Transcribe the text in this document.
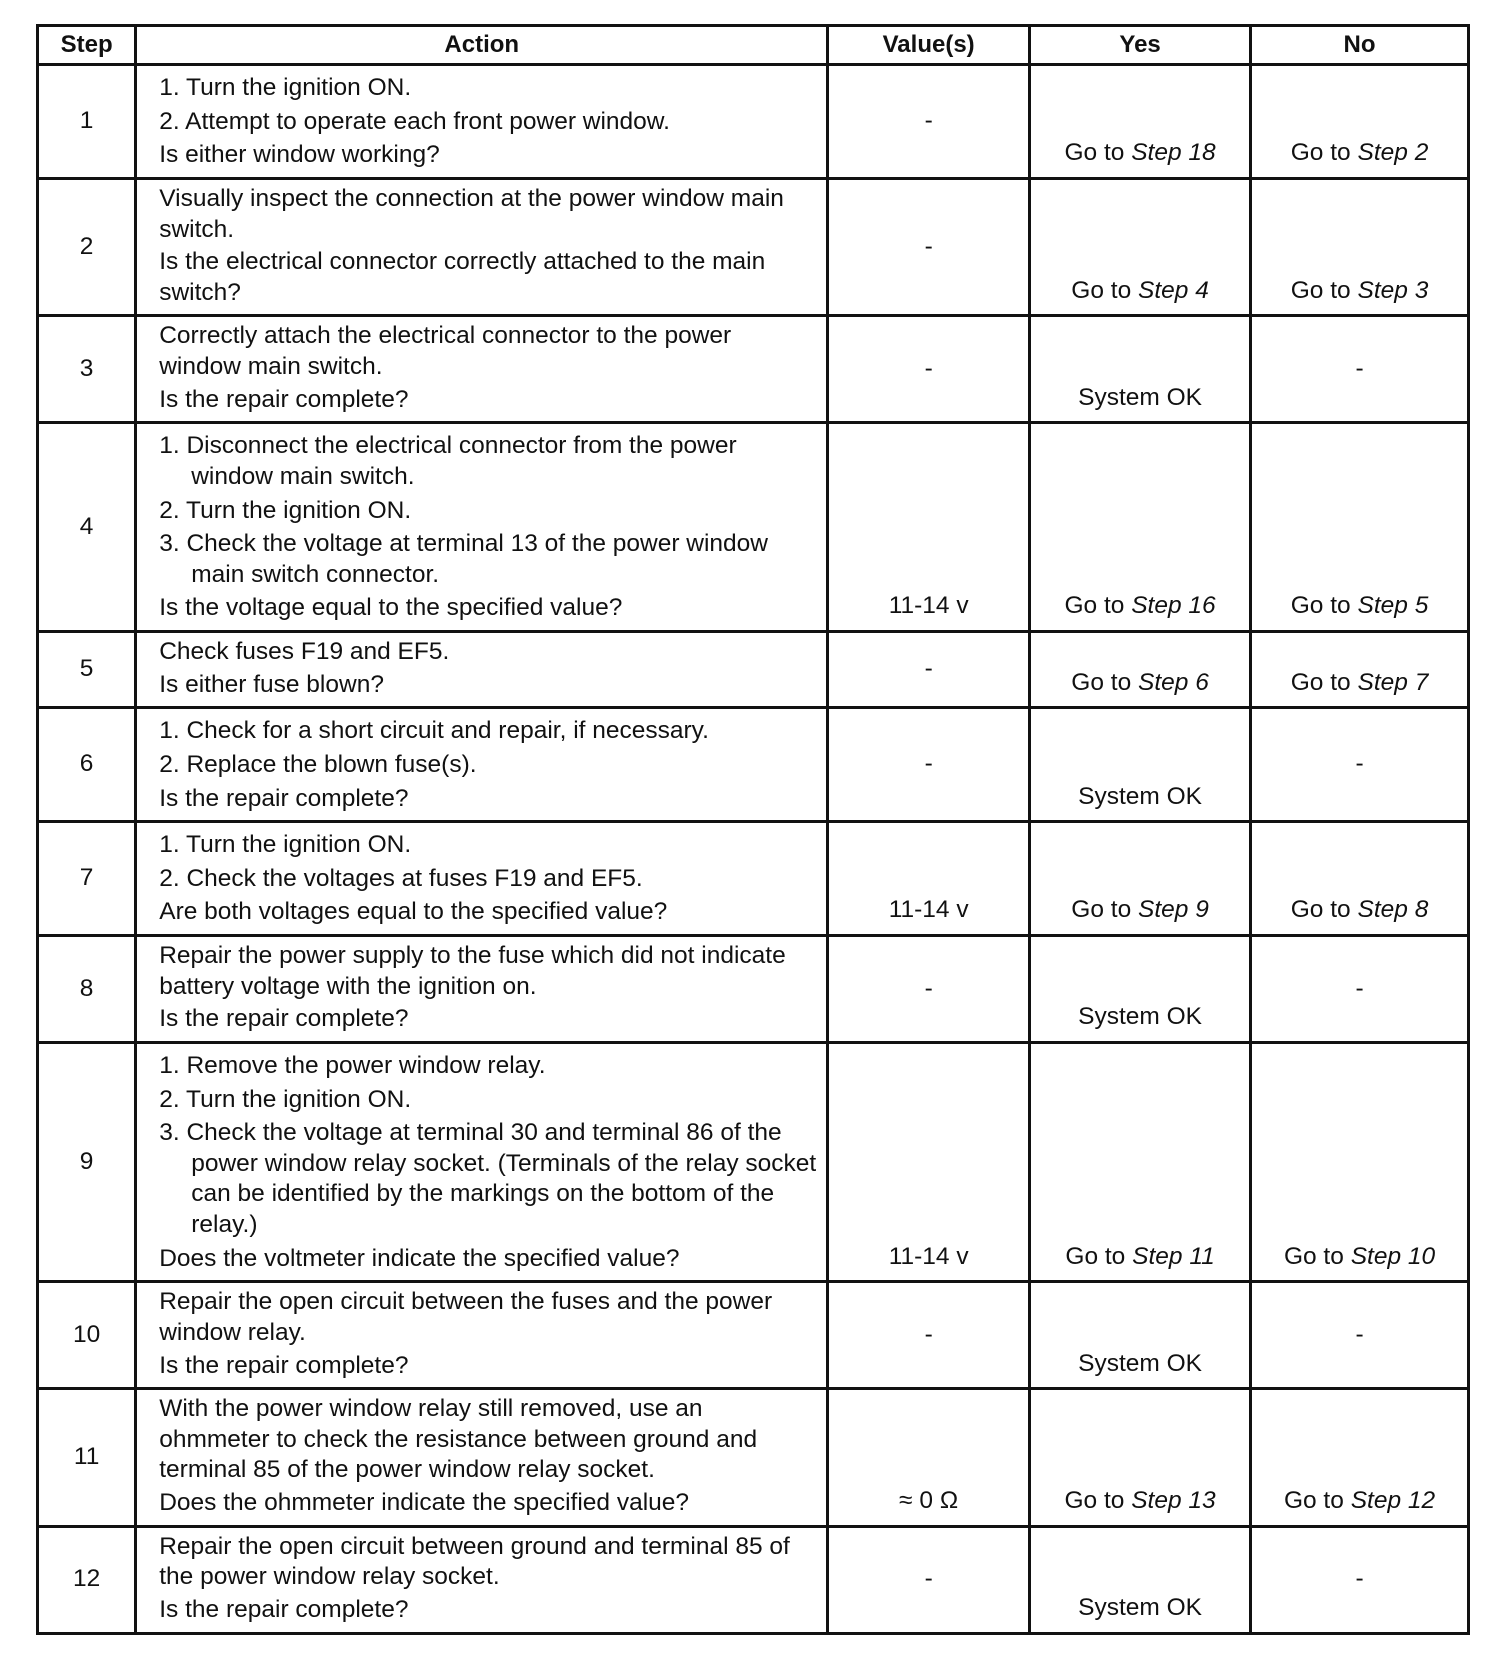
Step	Action	Value(s)	Yes	No
1	1. Turn the ignition ON.
2. Attempt to operate each front power window.
Is either window working?	-	Go to Step 18	Go to Step 2
2	Visually inspect the connection at the power window main switch.
Is the electrical connector correctly attached to the main switch?	-	Go to Step 4	Go to Step 3
3	Correctly attach the electrical connector to the power window main switch.
Is the repair complete?	-	System OK	-
4	1. Disconnect the electrical connector from the power window main switch.
2. Turn the ignition ON.
3. Check the voltage at terminal 13 of the power window main switch connector.
Is the voltage equal to the specified value?	11-14 v	Go to Step 16	Go to Step 5
5	Check fuses F19 and EF5.
Is either fuse blown?	-	Go to Step 6	Go to Step 7
6	1. Check for a short circuit and repair, if necessary.
2. Replace the blown fuse(s).
Is the repair complete?	-	System OK	-
7	1. Turn the ignition ON.
2. Check the voltages at fuses F19 and EF5.
Are both voltages equal to the specified value?	11-14 v	Go to Step 9	Go to Step 8
8	Repair the power supply to the fuse which did not indicate battery voltage with the ignition on.
Is the repair complete?	-	System OK	-
9	1. Remove the power window relay.
2. Turn the ignition ON.
3. Check the voltage at terminal 30 and terminal 86 of the power window relay socket. (Terminals of the relay socket can be identified by the markings on the bottom of the relay.)
Does the voltmeter indicate the specified value?	11-14 v	Go to Step 11	Go to Step 10
10	Repair the open circuit between the fuses and the power window relay.
Is the repair complete?	-	System OK	-
11	With the power window relay still removed, use an ohmmeter to check the resistance between ground and terminal 85 of the power window relay socket.
Does the ohmmeter indicate the specified value?	≈ 0 Ω	Go to Step 13	Go to Step 12
12	Repair the open circuit between ground and terminal 85 of the power window relay socket.
Is the repair complete?	-	System OK	-
